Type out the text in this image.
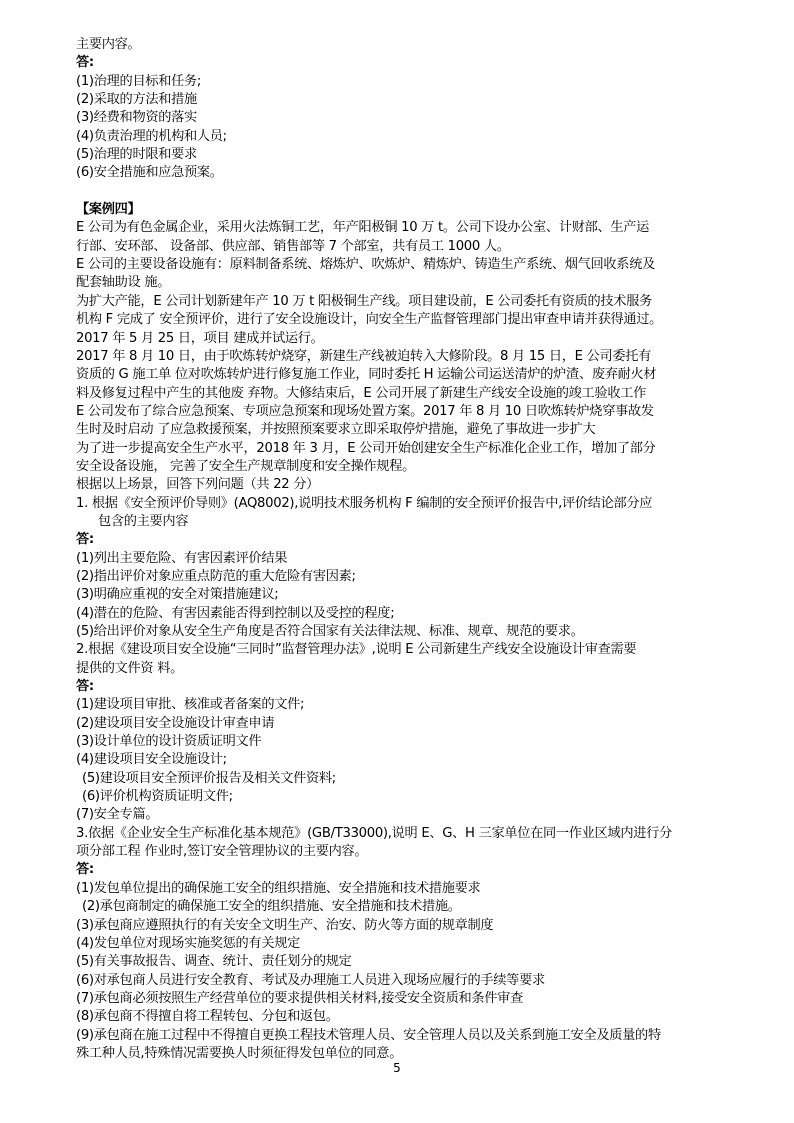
主要内容。
答:
(1)治理的目标和任务;
(2)采取的方法和措施
(3)经费和物资的落实
(4)负责治理的机构和人员;
(5)治理的时限和要求
(6)安全措施和应急预案。
【案例四】
E 公司为有色金属企业，采用火法炼铜工艺，年产阳极铜 10 万 t。公司下设办公室、计财部、生产运
行部、安环部、 设备部、供应部、销售部等 7 个部室，共有员工 1000 人。
E 公司的主要设备设施有：原料制备系统、熔炼炉、吹炼炉、精炼炉、铸造生产系统、烟气回收系统及
配套轴助设 施。
为扩大产能，E 公司计划新建年产 10 万 t 阳极铜生产线。项目建设前，E 公司委托有资质的技术服务
机构 F 完成了 安全预评价，进行了安全设施设计，向安全生产监督管理部门提出审查申请并获得通过。
2017 年 5 月 25 日，项目 建成并试运行。
2017 年 8 月 10 日，由于吹炼转炉烧穿，新建生产线被迫转入大修阶段。8 月 15 日，E 公司委托有
资质的 G 施工单 位对吹炼转炉进行修复施工作业，同时委托 H 运输公司运送清炉的炉渣、废弃耐火材
料及修复过程中产生的其他废 弃物。大修结束后，E 公司开展了新建生产线安全设施的竣工验收工作
E 公司发布了综合应急预案、专项应急预案和现场处置方案。2017 年 8 月 10 日吹炼转炉烧穿事故发
生时及时启动 了应急救援预案，并按照预案要求立即采取停炉措施，避免了事故进一步扩大
为了进一步提高安全生产水平，2018 年 3 月，E 公司开始创建安全生产标准化企业工作，增加了部分
安全设备设施， 完善了安全生产规章制度和安全操作规程。
根据以上场景，回答下列问题（共 22 分）
1. 根据《安全预评价导则》(AQ8002),说明技术服务机构 F 编制的安全预评价报告中,评价结论部分应
包含的主要内容
答:
(1)列出主要危险、有害因素评价结果
(2)指出评价对象应重点防范的重大危险有害因素;
(3)明确应重视的安全对策措施建议;
(4)潜在的危险、有害因素能否得到控制以及受控的程度;
(5)给出评价对象从安全生产角度是否符合国家有关法律法规、标准、规章、规范的要求。
2.根据《建设项目安全设施“三同时”监督管理办法》,说明 E 公司新建生产线安全设施设计审查需要
提供的文件资 料。
答:
(1)建设项目审批、核准或者备案的文件;
(2)建设项目安全设施设计审查申请
(3)设计单位的设计资质证明文件
(4)建设项目安全设施设计;
(5)建设项目安全预评价报告及相关文件资料;
(6)评价机构资质证明文件;
(7)安全专篇。
3.依据《企业安全生产标准化基本规范》(GB/T33000),说明 E、G、H 三家单位在同一作业区域内进行分
项分部工程 作业时,签订安全管理协议的主要内容。
答:
(1)发包单位提出的确保施工安全的组织措施、安全措施和技术措施要求
(2)承包商制定的确保施工安全的组织措施、安全措施和技术措施。
(3)承包商应遵照执行的有关安全文明生产、治安、防火等方面的规章制度
(4)发包单位对现场实施奖惩的有关规定
(5)有关事故报告、调查、统计、责任划分的规定
(6)对承包商人员进行安全教育、考试及办理施工人员进入现场应履行的手续等要求
(7)承包商必须按照生产经营单位的要求提供相关材料,接受安全资质和条件审查
(8)承包商不得擅自将工程转包、分包和返包。
(9)承包商在施工过程中不得擅自更换工程技术管理人员、安全管理人员以及关系到施工安全及质量的特
殊工种人员,特殊情况需要换人时须征得发包单位的同意。
5
